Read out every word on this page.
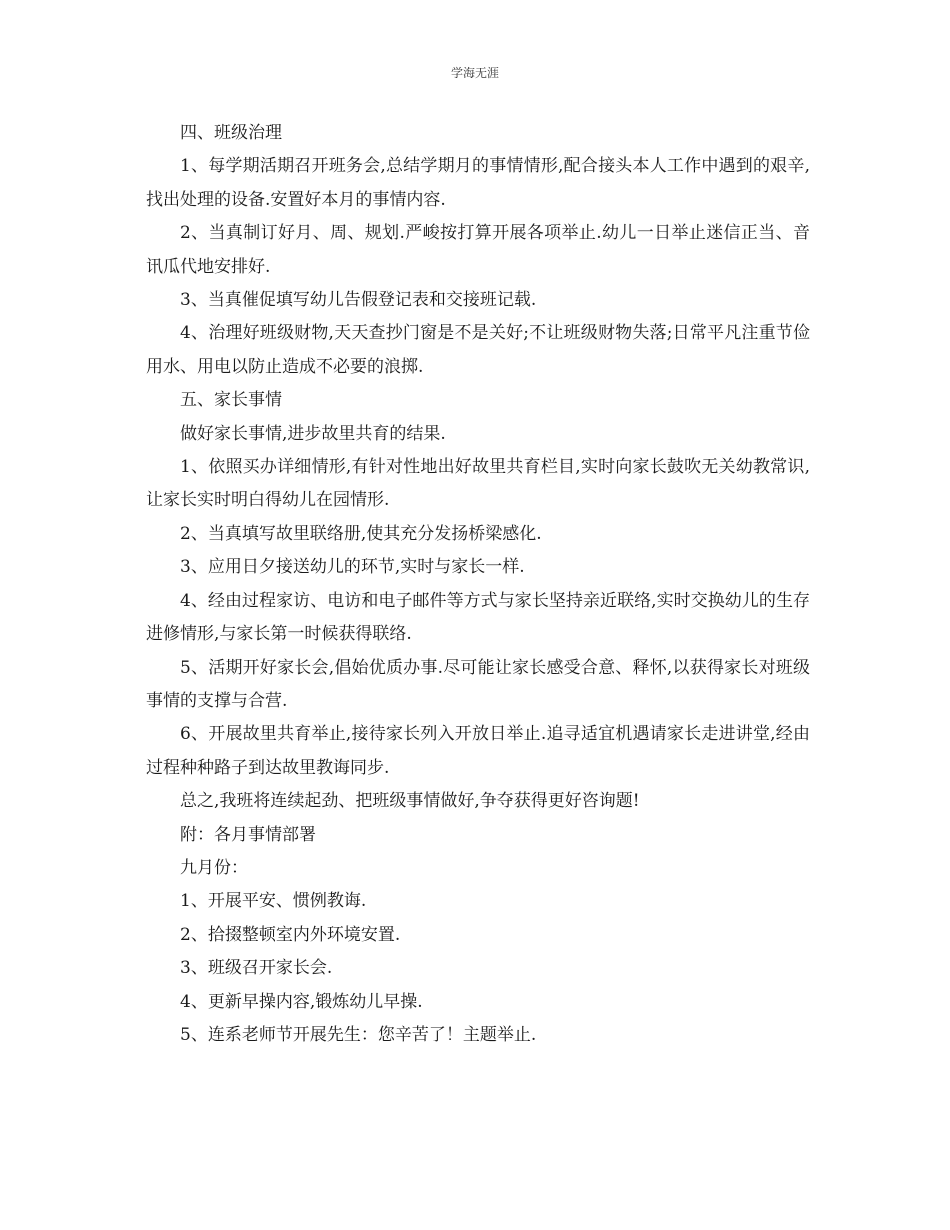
学海无涯

四、班级治理

1、每学期活期召开班务会,总结学期月的事情情形,配合接头本人工作中遇到的艰辛,找出处理的设备.安置好本月的事情内容.

2、当真制订好月、周、规划.严峻按打算开展各项举止.幼儿一日举止迷信正当、音讯瓜代地安排好.

3、当真催促填写幼儿告假登记表和交接班记载.

4、治理好班级财物,天天查抄门窗是不是关好;不让班级财物失落;日常平凡注重节俭用水、用电以防止造成不必要的浪掷.

五、家长事情

做好家长事情,进步故里共育的结果.

1、依照买办详细情形,有针对性地出好故里共育栏目,实时向家长鼓吹无关幼教常识,让家长实时明白得幼儿在园情形.

2、当真填写故里联络册,使其充分发扬桥梁感化.

3、应用日夕接送幼儿的环节,实时与家长一样.

4、经由过程家访、电访和电子邮件等方式与家长坚持亲近联络,实时交换幼儿的生存进修情形,与家长第一时候获得联络.

5、活期开好家长会,倡始优质办事.尽可能让家长感受合意、释怀,以获得家长对班级事情的支撑与合营.

6、开展故里共育举止,接待家长列入开放日举止.追寻适宜机遇请家长走进讲堂,经由过程种种路子到达故里教诲同步.

总之,我班将连续起劲、把班级事情做好,争夺获得更好咨询题!

附：各月事情部署

九月份：

1、开展平安、惯例教诲.

2、拾掇整顿室内外环境安置.

3、班级召开家长会.

4、更新早操内容,锻炼幼儿早操.

5、连系老师节开展先生：您辛苦了！主题举止.
